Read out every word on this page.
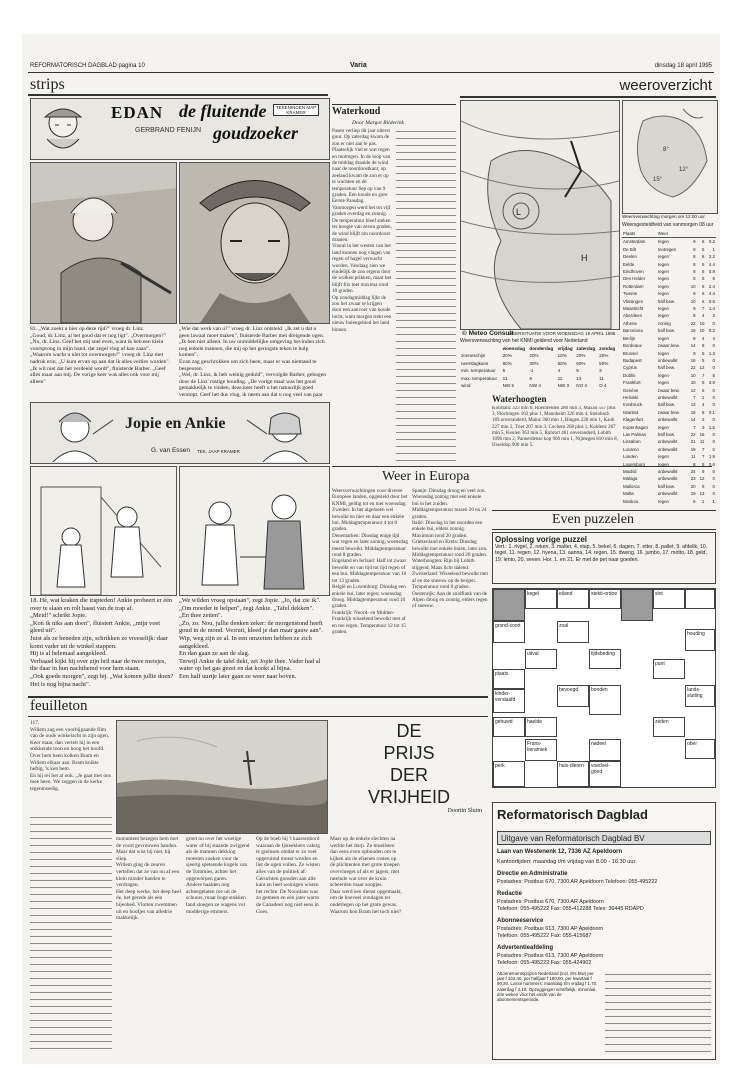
REFORMATORISCH DAGBLAD pagina 10	Varia	dinsdag 18 april 1995
strips
EDAN de fluitende
goudzoeker
GERBRAND FENIJN
TEKENINGEN MAP KRAMER
83. „Wat zoekt u hier op deze rijd?" vroeg dr. Linz.
„Goud, dr. Linz, al het goud dat er nog ligt". „Overmorgen?"
„Nu, dr. Linz. Geef het mij snel even, want ik heb een klein voorsprong in mijn hand, dat zegel vlug af kan zaan".
„Waarom wacht u niet tot overmorgen?" vroeg dr. Linz met nadruk erin. „U kunt ervan op aan dat ik alles verlies worden".
„Ik wil niet dat het verdeeld wordt", fluisterde Barber. „Geef alles maar aan mij. De vorige keer was alles ook voor mij alleen"
„Wie dat werk van u?" vroeg dr. Linz ontsteld. „Ik zet u dat u geen lawaai moet maken", fluisterde Barber met dreigende ogen. „Ik ben niet alleen. In uw onmiddellijke omgeving bevinden zich nog enkele mannen, die mij op het geringste teken te hulp komen".
Evan zag geschrokken om zich heen, maar er was niemand te bespeuren.
„Wel, dr. Linz, ik heb weinig geduld", vervolgde Barber, gebogen door de Linz' rustige houding. „De vorige maal was het goud gemakkelijk te vinden, deze keer heeft u het natuurlijk goed verstopt. Geef het dus vlug, ik neem aan dat u nog veel van paar
Jopie en Ankie
G. van Essen TEK. JAAP KRAMER
18. Hè, wat kraken die trapteden! Ankie probeert er één over te slaan en rolt haast van de trap af.
„Meid!" schrikt Jopie.
„Kon ik niks aan doen", fluistert Ankie, „mijn voet gleed uit".
Juist als ze beneden zijn, schrikken ze vreeselijk: daar komt vader uit de winkel stappen.
Hij is al helemaal aangekleed.
Verbaasd kijkt hij over zijn bril naar de twee meisjes, die daar in hun nachthemd voor hem staan.
„Ook goede morgen", zegt hij. „Wat komen jullie doen? Het is nog bijna nacht".
„We wilden vroeg opstaan", zegt Jopie. „Jo, dat zie ik".
„Om moeder te helpen", zegt Ankie. „Tafel dekken".
„En thee zetten".
„Zo, zo. Nou, jullie denken zeker: de morgenstond heeft goud in de mond. Vooruit, kleed je dan maar gauw aan". Wip, weg zijn ze al. In een omzetten hebben ze zich aangekleed.
En dan gaan ze aan de slag.
Terwijl Ankie de tafel dekt, zet Jopie thee. Vader had al water op het gas gezet en dat kookt al bijna.
Een half uurtje later gaan ze weer naar boven.
feuilleton
117.
Willem zag een voorbijgaande film van de oude winkelacht in zijn ogen. Keer maar, dan vertelt hij in een snikkende toon en hoog het hoofd. Over hem heen kolken Bram en Willem elkaar aan. Bram knikte heftig, 'k ken hem.
En hij rei het al ook. „Je gaat met ons mee heen. We zeggen in de kerke tegenmoedig.
DE
PRIJS
DER
VRIJHEID
Doortin Sluim
monument bezegen hem met de voort gevrouwen handen. Maar dat wist hij niet, hij sliep.
Willem ging de zeuren vertellen dat ze van nu af een klein minder handen te verdragen.
Het deep werke, het deep heel de, het gerede als een bijeohed. Vlotten zwemmen uit en hoofjes van alledrie makkelijk.
groet nu over het woelige water of bij staande zwijgend als de mannen dekking moesten zoeken voor de sjeerig spetsende kogels van de Tommies, achter het opgeworpen garen.
Andere haalden nog achtergelaten roe uit de schuurs, maar boge stukken land sloegen ze wagens vol modderige emmers.
Op de boeb hij 't kaarsenbord waaraan de Ijsteekbers vaktig te greinsen omdat er zo veel opgeruimd moest worden en liet de ogen vullen. Ze wisten alles van de politiek af.
Geruchten gonsden aan alle kant en heel weinigen wisten het rechte. De Noordans was zo gemeen en een jater warm de Canadeez nog niet eens in Goes.
Maar op de enkele slechten na werkte het dorp. Ze moeilsten dan eens even opbouden om te kijken als de efsenen rosten op de plichtenlen met grote troepen overvloeget of als er jagers, met ratelnde wat over de kruin scheerden maar zoopjes.
Daar werd een dienst opgemaakt, om de hoeveel zondagen ter onderlegen op het grote gewas. Waarom kon Bram het toch niet?
Waterkoud
Door Margot Bilderink
Pasen verliep dit jaar uiterst guur. Op zaterdag kwam de zon er niet aan te pas. Plaatselijk viel er wat regen en motregen. In de loop van de middag draaide de wind naar de noordoostkant, op zeeland kwam de zon er op te wachten en de temperatuur liep op van 9 graden. Een koude en gure Eerste Paasdag.
Vanmorgen werd het tot vijf graden overdag en zonnig. De temperatuur bleef steken ter hoogte van zeven graden, de wind blijft om noordoost draaien.
Vooral in het westen van het land kunnen nog vlagen van regen of hagel verwacht worden. Vandaag zien we eindelijk de zon ergens door de wolken prikken, maar het blijft fris met maxima rond 10 graden.
Op zondagmiddag lijkt de zon het zwaar te krijgen door een aanvoer van koude lucht, want morgen trekt een nieuw buiengebied het land binnen.
Weer in Europa
Weersverwachtingen voor diverse Europese landen, opgesteld door het KNMI, geldig tot en met woensdag.
Zweden: In het algemeen wel bewolkt en hier en daar een enkele bui. Middagtemperatuur 4 tot 8 graden.
Denemarken: Dinsdag enige tijd wat regen en later zonnig; woensdag meest bewolkt. Middagtemperatuur rond 8 graden.
Engeland en Ierland: Half tot zwaar bewolkt en van tijd tot tijd regen of een bui. Middagtemperatuur van 10 tot 13 graden.
België en Luxemburg: Dinsdag een enkele bui, later regen; woensdag droog. Middagtemperatuur rond 10 graden.
Frankrijk: Noord- en Midden-Frankrijk wisselend bewolkt met af en toe regen. Temperatuur 12 tot 15 graden.
Spanje: Dinsdag droog en veel zon. Woensdag zonnig met een enkele bui in het zuiden. Middagtemperatuur tussen 20 en 24 graden.
Italië: Dinsdag in het noorden een enkele bui, elders zonnig. Maximum rond 20 graden.
Griekenland en Kreta: Dinsdag bewolkt met enkele buien, later zon. Middagtemperatuur rond 20 graden.
Waterhoogten: Rijn bij Lobith stijgend, Maas licht dalend.
Zwitserland: Wisselend bewolkt met af en toe sneeuw op de bergen. Temperatuur rond 8 graden.
Oostenrijk: Aan de zuidflank van de Alpen droog en zonnig, elders regen of sneeuw.
weeroverzicht
L
H
© Meteo Consult
WEERSITUATIE VOOR WOENSDAG 19 APRIL 1995
Weersverwachting van het KNMI geldend voor Nederland
	woensdag	donderdag	vrijdag	zaterdag	zondag
zonneschijn	20%	20%	10%	20%	20%
neerslagkans	60%	30%	60%	60%	50%
min. temperatuur	5	-1	4	5	3
max. temperatuur	11	9	11	13	11
wind	NW 5	NW 4	NW 3	NO 4	O 4
Waterhoogten
Konstanz 323 min 0, Rheinfelden 280 min 3, Maxau 557 plus 3, Plochingen 163 plus 1, Mannheim 326 min 4, Steinbach 189 onveranderd, Mainz 360 min 1, Bingen 228 min 1, Kaub 227 min 3, Trier 207 min 3, Cochem 268 plus 1, Koblenz 287 min 5, Keulen 363 min 5, Ruhrort 461 onveranderd, Lobith 1096 min 2, Pannerdense kop 966 min 1, Nijmegen 810 min 8, IJsseldop 900 min 5.
8°
12°
15°
Weersverwachting morgen om 12.00 uur
Weersgesteldheid van vanmorgen 08 uur
Plaats	Weer			
Amsterdam	regen	9	6	0.2
De Bilt	motregen	9	5	1
Deelen	regen	8	6	2.2
Eelde	regen	8	5	4.4
Eindhoven	regen	9	6	0.8
Den Helder	regen	8	5	6
Rotterdam	regen	10	6	2.4
Twente	regen	9	5	4.4
Vlissingen	half bew.	10	6	0.5
Maastricht	regen	9	7	1.4
Aberdeen	regen	8	4	3
Athene	zonnig	22	10	0
Barcelona	half bew.	18	10	0.2
Berlijn	regen	8	4	4
Bordeaux	zwaar bew.	14	8	0
Brussel	regen	9	5	1.3
Budapest	onbewolkt	16	5	0
Cyprus	half bew.	22	12	0
Dublin	regen	10	7	5
Frankfurt	regen	10	5	3.9
Genève	zwaar bew.	12	5	0
Helsinki	onbewolkt	7	1	0
Innsbruck	half bew.	13	4	0
Istanbul	zwaar bew.	15	8	0.1
Klagenfurt	onbewolkt	14	2	0
Kopenhagen	regen	7	3	1.5
Las Palmas	half bew.	22	16	0
Lissabon	onbewolkt	21	11	0
Locarno	onbewolkt	19	7	0
Londen	regen	11	7	1.9
Luxemburg	regen	8	5	0.6
Madrid	onbewolkt	24	9	0
Malaga	onbewolkt	23	12	0
Mallorca	half bew.	20	9	0
Malta	onbewolkt	19	13	0
Moskou	regen	6	1	1

Even puzzelen
Oplossing vorige puzzel
Vert.: 1. rivgel, 2. reken, 3. malter, 4. stap, 5. bekel, 6. dagen, 7. etter, 8. pallet, 9. afdelik, 10. tegel, 11. regen, 12. hyena, 13. aanna, 14. regen, 15. dweng, 16. jumbo, 17. motto, 18. geld, 19. lento, 20. seven. Hor. 1. en 21. Er met de pet naar goeden.
kegel	eiland	stekti-ordoe	slot
grond-soort	zoal
houding
uitval
plaats
tijdsbeding
punt
kinder-verslaafd
bevoegd	bonden	lands-sluiting
gehuwd	haelde	zeden
Frans-keramiek
nadeel	ober
perk	huis-dieren	voedsel-goed
Reformatorisch Dagblad
Uitgave van Reformatorisch Dagblad BV
Laan van Westenenk 12, 7336 AZ Apeldoorn
Kantoortijden: maandag t/m vrijdag van 8.00 - 16.30 uur.
Directie en Administratie
Postadres: Postbus 670, 7300 AR Apeldoorn Telefoon: 055-495222
Redactie
Postadres: Postbus 670, 7300 AR Apeldoorn
Telefoon: 055-495222 Fax: 055-412288 Telex: 36445 RDAPD
Abonneeservice
Postadres: Postbus 613, 7300 AP Apeldoorn
Telefoon: 055-495222 Fax: 055-415687
Advertentieafdeling
Postadres: Postbus 613, 7300 AP Apeldoorn
Telefoon: 055-495222 Fax: 055-424902
Abonnementsprijzen Nederland (incl. 6% btw) per jaar f 342,40, per halfjaar f 180,00, per kwartaal f 90,20. Losse nummers: maandag t/m vrijdag f 1,70, zaterdag f 2,10. Opzeggingen schriftelijk, minimaal drie weken voor het einde van de abonnementsperiode.
